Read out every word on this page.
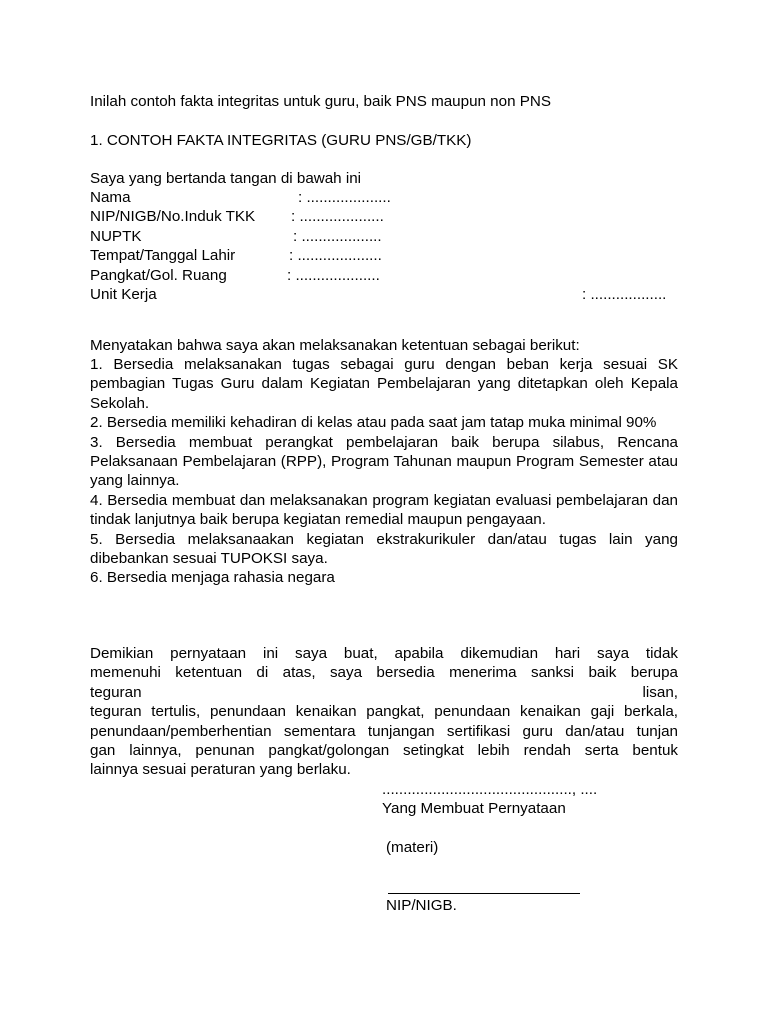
Inilah contoh fakta integritas untuk guru, baik PNS maupun non PNS
1. CONTOH FAKTA INTEGRITAS (GURU PNS/GB/TKK)
Saya yang bertanda tangan di bawah ini
Nama	: ....................
NIP/NIGB/No.Induk TKK : ....................
NUPTK	: ...................
Tempat/Tanggal Lahir	: ....................
Pangkat/Gol. Ruang	: ....................
Unit Kerja	: ..................
Menyatakan bahwa saya akan melaksanakan ketentuan sebagai berikut:

1. Bersedia melaksanakan tugas sebagai guru dengan beban kerja sesuai SK pembagian Tugas Guru dalam Kegiatan Pembelajaran yang ditetapkan oleh Kepala Sekolah.

2. Bersedia memiliki kehadiran di kelas atau pada saat jam tatap muka minimal 90%

3. Bersedia membuat perangkat pembelajaran baik berupa silabus, Rencana Pelaksanaan Pembelajaran (RPP), Program Tahunan maupun Program Semester atau yang lainnya.

4. Bersedia membuat dan melaksanakan program kegiatan evaluasi pembelajaran dan tindak lanjutnya baik berupa kegiatan remedial maupun pengayaan.

5. Bersedia melaksanaakan kegiatan ekstrakurikuler dan/atau tugas lain yang dibebankan sesuai TUPOKSI saya.

6. Bersedia menjaga rahasia negara

Demikian pernyataan ini saya buat, apabila dikemudian hari saya tidak
memenuhi ketentuan di atas, saya bersedia menerima sanksi baik berupa
teguran lisan,
teguran tertulis, penundaan kenaikan pangkat, penundaan kenaikan gaji berkala,
penundaan/pemberhentian sementara tunjangan sertifikasi guru dan/atau tunjan
gan lainnya, penunan pangkat/golongan setingkat lebih rendah serta bentuk
lainnya sesuai peraturan yang berlaku.
............................................., ....
Yang Membuat Pernyataan
(materi)
NIP/NIGB.
